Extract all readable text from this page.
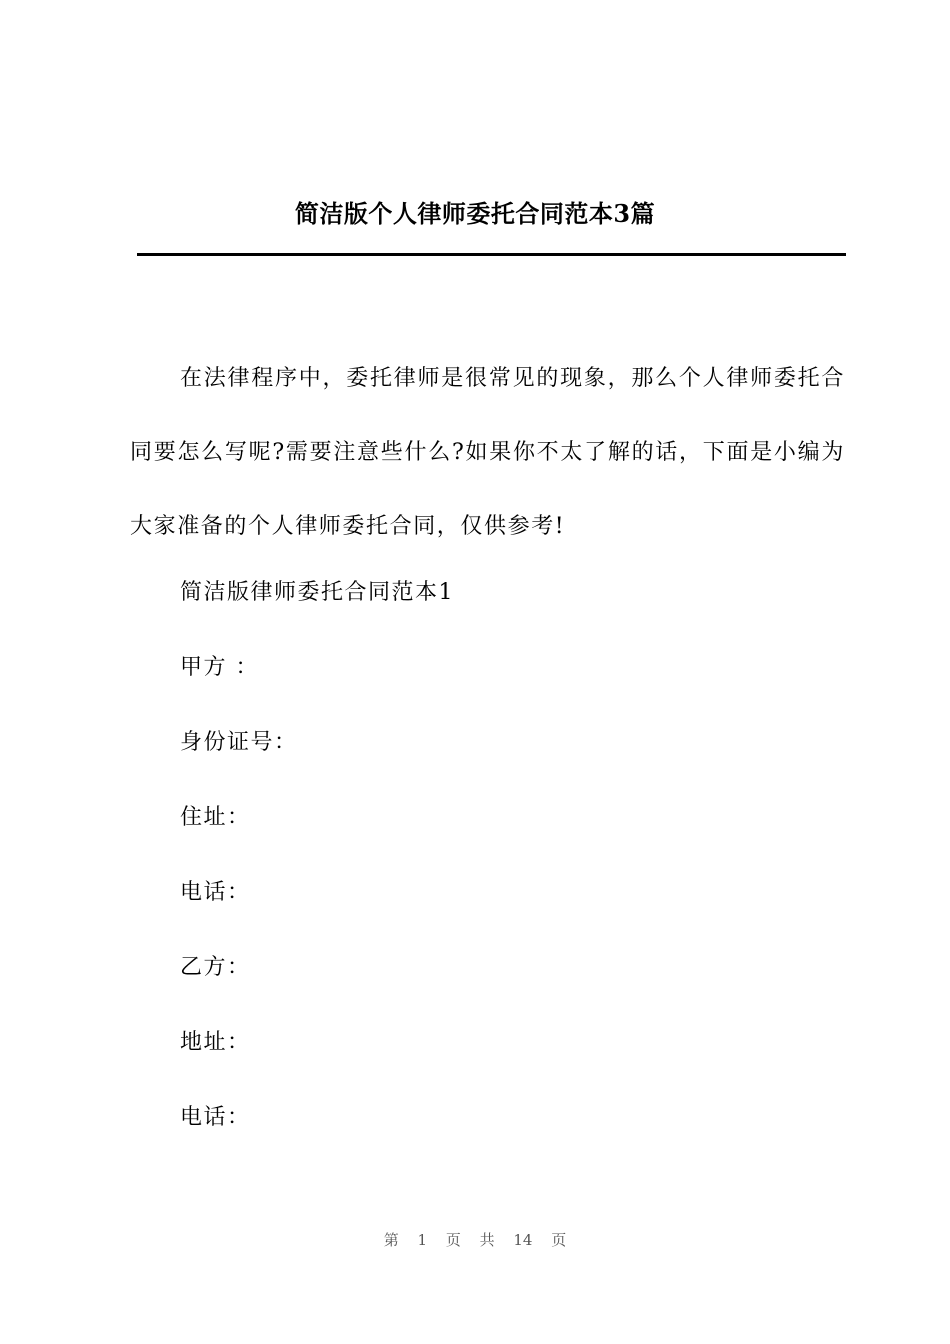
简洁版个人律师委托合同范本3篇

在法律程序中，委托律师是很常见的现象，那么个人律师委托合同要怎么写呢?需要注意些什么?如果你不太了解的话，下面是小编为大家准备的个人律师委托合同，仅供参考!

简洁版律师委托合同范本1

甲方 ：

身份证号：

住址：

电话：

乙方：

地址：

电话：

第 1 页 共 14 页
